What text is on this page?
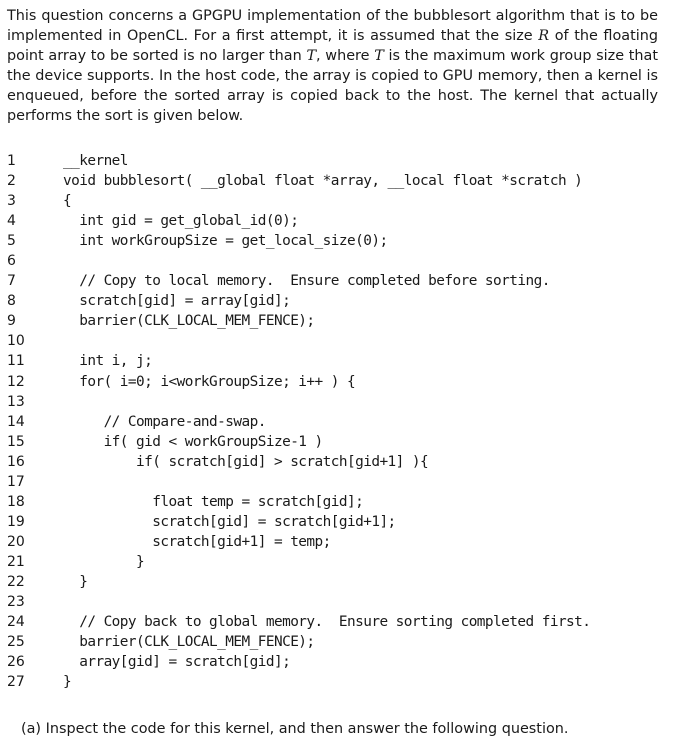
This question concerns a GPGPU implementation of the bubblesort algorithm that is to be implemented in OpenCL. For a first attempt, it is assumed that the size R of the floating point array to be sorted is no larger than T, where T is the maximum work group size that the device supports. In the host code, the array is copied to GPU memory, then a kernel is enqueued, before the sorted array is copied back to the host. The kernel that actually performs the sort is given below.

1	__kernel
2	void bubblesort( __global float *array, __local float *scratch )
3	{
4	int gid = get_global_id(0);
5	int workGroupSize = get_local_size(0);
6
7	// Copy to local memory.  Ensure completed before sorting.
8	scratch[gid] = array[gid];
9	barrier(CLK_LOCAL_MEM_FENCE);
10
11	int i, j;
12	for( i=0; i<workGroupSize; i++ ) {
13
14	// Compare-and-swap.
15	if( gid < workGroupSize-1 )
16	if( scratch[gid] > scratch[gid+1] ){
17
18	float temp = scratch[gid];
19	scratch[gid] = scratch[gid+1];
20	scratch[gid+1] = temp;
21	}
22	}
23
24	// Copy back to global memory.  Ensure sorting completed first.
25	barrier(CLK_LOCAL_MEM_FENCE);
26	array[gid] = scratch[gid];
27	}

(a) Inspect the code for this kernel, and then answer the following question.
